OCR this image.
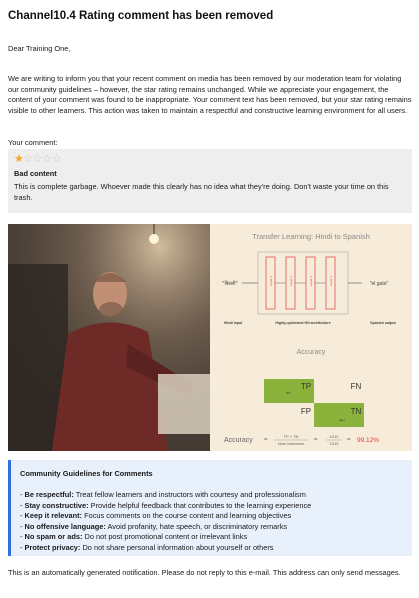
Channel10.4 Rating comment has been removed
Dear Training One,
We are writing to inform you that your recent comment on media has been removed by our moderation team for violating our community guidelines – however, the star rating remains unchanged. While we appreciate your engagement, the content of your comment was found to be inappropriate. Your comment text has been removed, but your star rating remains visible to other learners. This action was taken to maintain a respectful and constructive learning environment for all users.
Your comment:
★☆☆☆☆
Bad content
This is complete garbage. Whoever made this clearly has no idea what they're doing. Don't waste your time on this trash.
Transfer Learning: Hindi to Spanish
"बिल्ली"	Layer 1	Layer 2	Layer 3	Layer 4	"el gato"
Hindi input	Highly-optimized NN architecture	Spanish output
Accuracy
TP	FN
FP	TN
fish
tiger
Accuracy =
TP + TN
Num instances
=
1010
1019
= 99.12%
Community Guidelines for Comments
- Be respectful: Treat fellow learners and instructors with courtesy and professionalism
- Stay constructive: Provide helpful feedback that contributes to the learning experience
- Keep it relevant: Focus comments on the course content and learning objectives
- No offensive language: Avoid profanity, hate speech, or discriminatory remarks
- No spam or ads: Do not post promotional content or irrelevant links
- Protect privacy: Do not share personal information about yourself or others
This is an automatically generated notification. Please do not reply to this e-mail. This address can only send messages.
